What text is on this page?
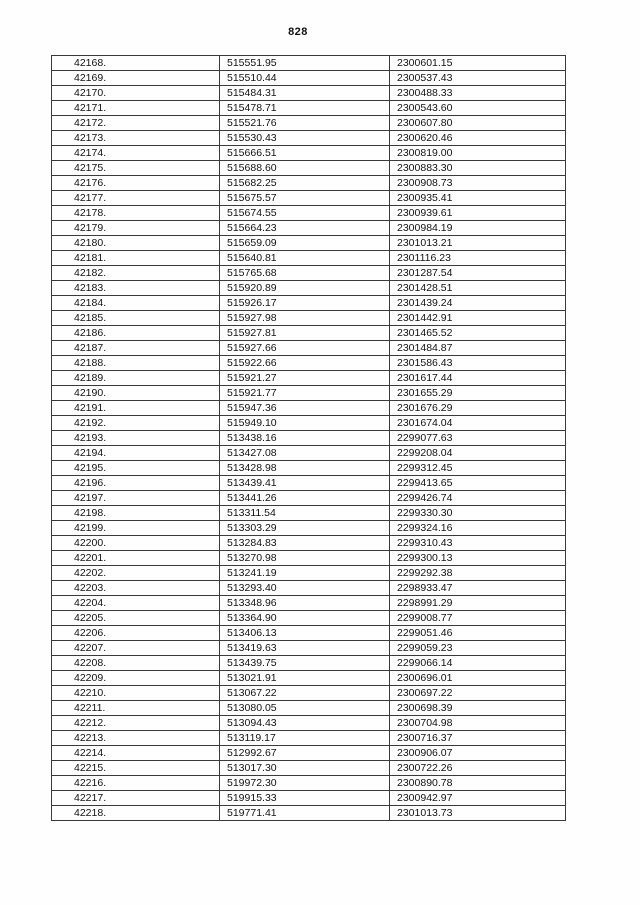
828
42168.	515551.95	2300601.15
42169.	515510.44	2300537.43
42170.	515484.31	2300488.33
42171.	515478.71	2300543.60
42172.	515521.76	2300607.80
42173.	515530.43	2300620.46
42174.	515666.51	2300819.00
42175.	515688.60	2300883.30
42176.	515682.25	2300908.73
42177.	515675.57	2300935.41
42178.	515674.55	2300939.61
42179.	515664.23	2300984.19
42180.	515659.09	2301013.21
42181.	515640.81	2301116.23
42182.	515765.68	2301287.54
42183.	515920.89	2301428.51
42184.	515926.17	2301439.24
42185.	515927.98	2301442.91
42186.	515927.81	2301465.52
42187.	515927.66	2301484.87
42188.	515922.66	2301586.43
42189.	515921.27	2301617.44
42190.	515921.77	2301655.29
42191.	515947.36	2301676.29
42192.	515949.10	2301674.04
42193.	513438.16	2299077.63
42194.	513427.08	2299208.04
42195.	513428.98	2299312.45
42196.	513439.41	2299413.65
42197.	513441.26	2299426.74
42198.	513311.54	2299330.30
42199.	513303.29	2299324.16
42200.	513284.83	2299310.43
42201.	513270.98	2299300.13
42202.	513241.19	2299292.38
42203.	513293.40	2298933.47
42204.	513348.96	2298991.29
42205.	513364.90	2299008.77
42206.	513406.13	2299051.46
42207.	513419.63	2299059.23
42208.	513439.75	2299066.14
42209.	513021.91	2300696.01
42210.	513067.22	2300697.22
42211.	513080.05	2300698.39
42212.	513094.43	2300704.98
42213.	513119.17	2300716.37
42214.	512992.67	2300906.07
42215.	513017.30	2300722.26
42216.	519972.30	2300890.78
42217.	519915.33	2300942.97
42218.	519771.41	2301013.73
